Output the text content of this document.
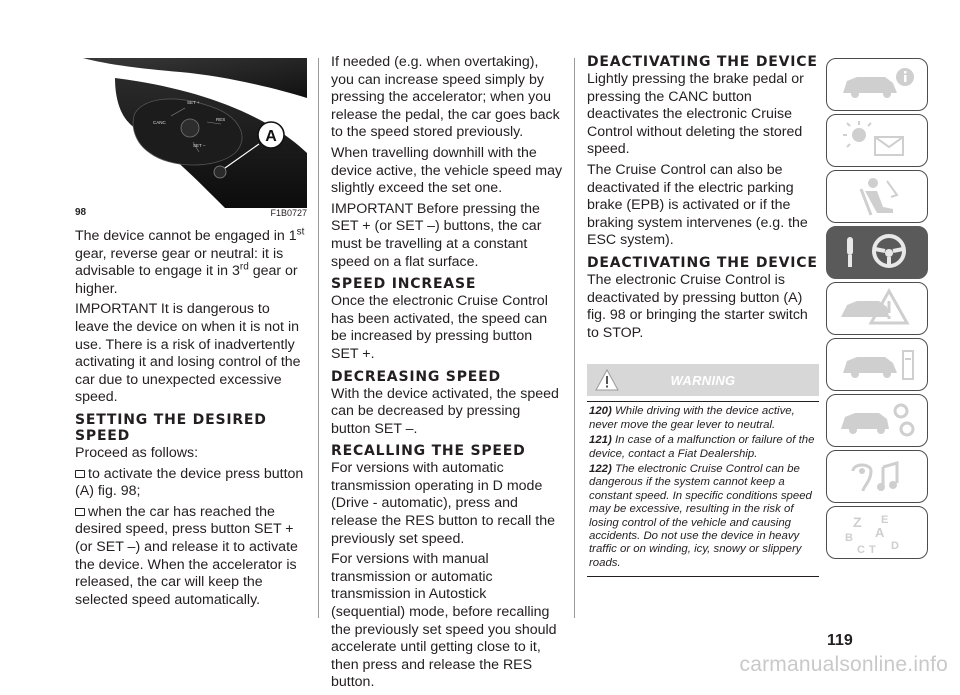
SET +
CANC
RES
SET –
A
98	F1B0727

The device cannot be engaged in 1st gear, reverse gear or neutral: it is advisable to engage it in 3rd gear or higher.

IMPORTANT It is dangerous to leave the device on when it is not in use. There is a risk of inadvertently activating it and losing control of the car due to unexpected excessive speed.

SETTING THE DESIRED SPEED

Proceed as follows:

to activate the device press button (A) fig. 98;

when the car has reached the desired speed, press button SET + (or SET –) and release it to activate the device. When the accelerator is released, the car will keep the selected speed automatically.

If needed (e.g. when overtaking), you can increase speed simply by pressing the accelerator; when you release the pedal, the car goes back to the speed stored previously.

When travelling downhill with the device active, the vehicle speed may slightly exceed the set one.

IMPORTANT Before pressing the SET + (or SET –) buttons, the car must be travelling at a constant speed on a flat surface.

SPEED INCREASE

Once the electronic Cruise Control has been activated, the speed can be increased by pressing button SET +.

DECREASING SPEED

With the device activated, the speed can be decreased by pressing button SET –.

RECALLING THE SPEED

For versions with automatic transmission operating in D mode (Drive - automatic), press and release the RES button to recall the previously set speed.

For versions with manual transmission or automatic transmission in Autostick (sequential) mode, before recalling the previously set speed you should accelerate until getting close to it, then press and release the RES button.

DEACTIVATING THE DEVICE

Lightly pressing the brake pedal or pressing the CANC button deactivates the electronic Cruise Control without deleting the stored speed.

The Cruise Control can also be deactivated if the electric parking brake (EPB) is activated or if the braking system intervenes (e.g. the ESC system).

DEACTIVATING THE DEVICE

The electronic Cruise Control is deactivated by pressing button (A) fig. 98 or bringing the starter switch to STOP.

WARNING

120) While driving with the device active, never move the gear lever to neutral.

121) In case of a malfunction or failure of the device, contact a Fiat Dealership.

122) The electronic Cruise Control can be dangerous if the system cannot keep a constant speed. In specific conditions speed may be excessive, resulting in the risk of losing control of the vehicle and causing accidents. Do not use the device in heavy traffic or on winding, icy, snowy or slippery roads.

Z E
A
B
C T D
119
carmanualsonline.info
